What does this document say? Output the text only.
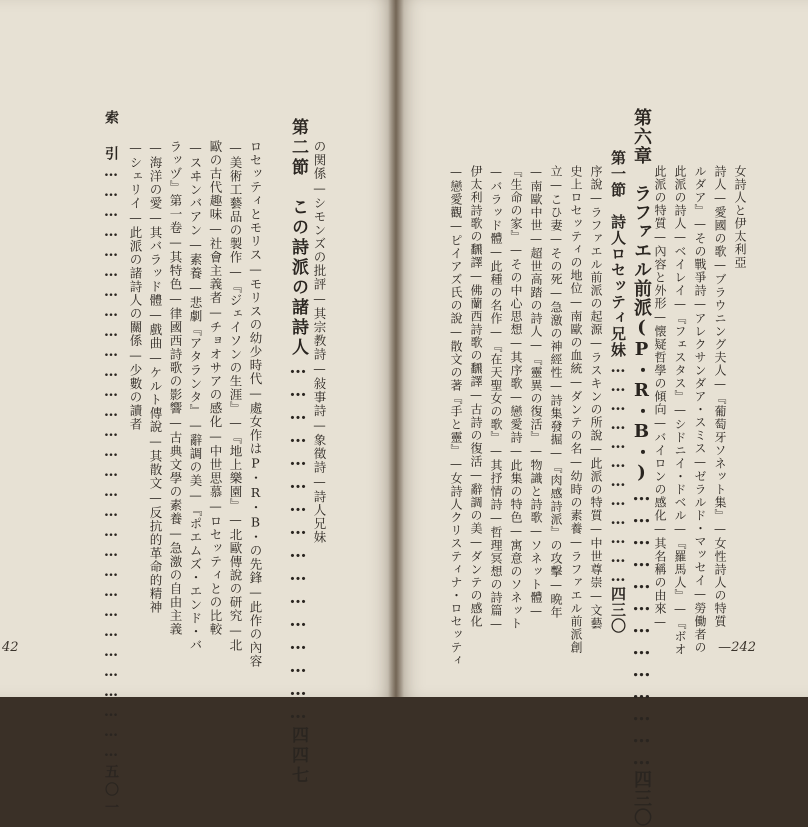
の関係—シモンズの批評—其宗教詩—敍事詩—象徵詩—詩人兄妹
第二節　この詩派の諸詩人…………………………………………四四七
ロセッティとモリス—モリスの幼少時代—處女作はP・R・B・の先鋒—此作の內容
—美術工藝品の製作—『ジェイソンの生涯』—『地上樂園』—北歐傳說の研究—北
歐の古代趣味—社會主義者—チョオサアの感化—中世思慕—ロセッティとの比較
—スヰンバアン—素養—悲劇『アタランタ』—辭調の美—『ポエムズ・エンド・バ
ラッヅ』第一卷—其特色—律國西詩歌の影響—古典文學の素養—急激の自由主義
—海洋の愛—其バラッド體—戲曲—ケルト傳說—其散文—反抗的革命的精神
—シェリイ—此派の諸詩人の關係—少數の讀者
索　引………………………………………………………………………………五〇一
42
女詩人と伊太利亞
詩人—愛國の歌—ブラウニング夫人—『葡萄牙ソネット集』—女性詩人の特質
ルダア』—その戰爭詩—アレクサンダア・スミス—ゼラルド・マッセイ—勞働者の
此派の詩人—ベイレイ—『フェスタス』—シドニイ・ドベル—『羅馬人』—『ボオ
此派の特質—內容と外形—懐疑哲學の傾向—バイロンの感化—其名稱の由來—
第六章　ラファエル前派(P・R・B・)…………………………………四三〇
第一節　詩人ロセッティ兄妹………………………………四三〇
序說—ラファエル前派の起源—ラスキンの所說—此派の特質—中世尊崇—文藝
史上ロセッティの地位—南歐の血統—ダンテの名—幼時の素養—ラファエル前派創
立—こひ妻—その死—急激の神經性—詩集發掘—『肉感詩派』の攻擊—晩年
—南歐中世—超世高踏の詩人—『靈異の復活』—物識と詩歌—ソネット體—
『生命の家』—その中心思想—其序歌—戀愛詩—此集の特色—寓意のソネット
—バラッド體—此種の名作—『在天聖女の歌』—其抒情詩—哲理冥想の詩篇—
伊太利詩歌の飜譯—佛蘭西詩歌の飜譯—古詩の復活—辭調の美—ダンテの感化
—戀愛觀—ピイアズ氏の說—散文の著『手と靈』—女詩人クリスティナ・ロセッティ	—242
